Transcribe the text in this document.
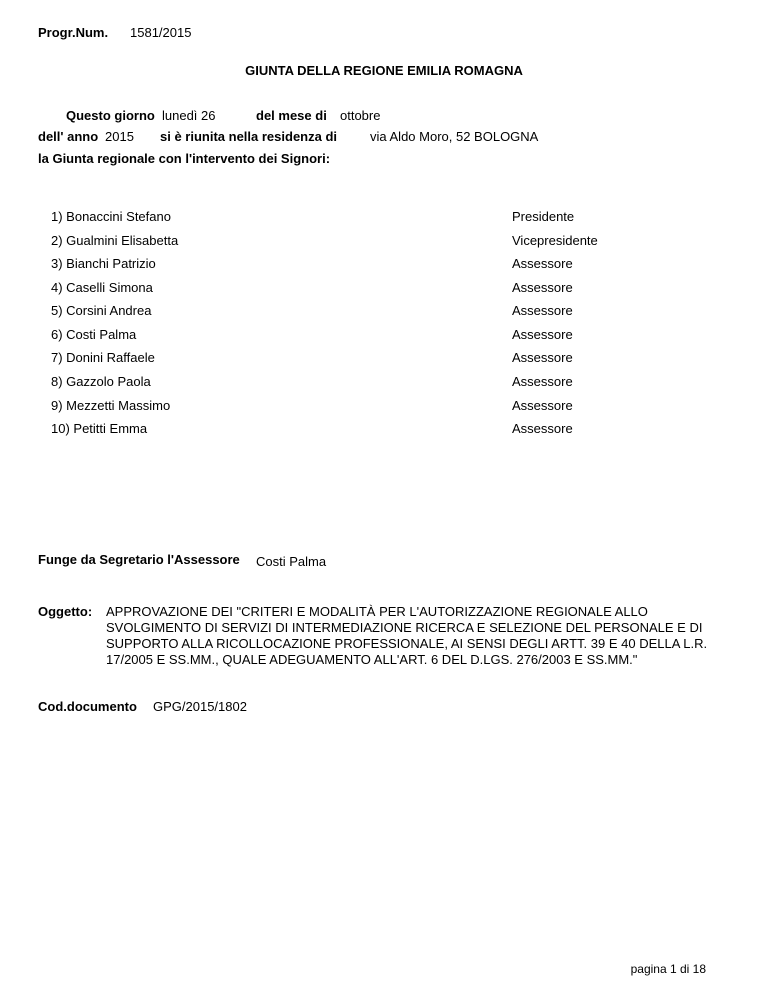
Progr.Num. 1581/2015
GIUNTA DELLA REGIONE EMILIA ROMAGNA
Questo giorno lunedì 26	del mese di ottobre
dell' anno 2015 si è riunita nella residenza di	via Aldo Moro, 52 BOLOGNA
la Giunta regionale con l'intervento dei Signori:
1) Bonaccini Stefano	Presidente
2) Gualmini Elisabetta	Vicepresidente
3) Bianchi Patrizio	Assessore
4) Caselli Simona	Assessore
5) Corsini Andrea	Assessore
6) Costi Palma	Assessore
7) Donini Raffaele	Assessore
8) Gazzolo Paola	Assessore
9) Mezzetti Massimo	Assessore
10) Petitti Emma	Assessore
Funge da Segretario l'Assessore Costi Palma
Oggetto: APPROVAZIONE DEI "CRITERI E MODALITÀ PER L'AUTORIZZAZIONE REGIONALE ALLO SVOLGIMENTO DI SERVIZI DI INTERMEDIAZIONE RICERCA E SELEZIONE DEL PERSONALE E DI SUPPORTO ALLA RICOLLOCAZIONE PROFESSIONALE, AI SENSI DEGLI ARTT. 39 E 40 DELLA L.R. 17/2005 E SS.MM., QUALE ADEGUAMENTO ALL'ART. 6 DEL D.LGS. 276/2003 E SS.MM."
Cod.documento GPG/2015/1802
pagina 1 di 18
